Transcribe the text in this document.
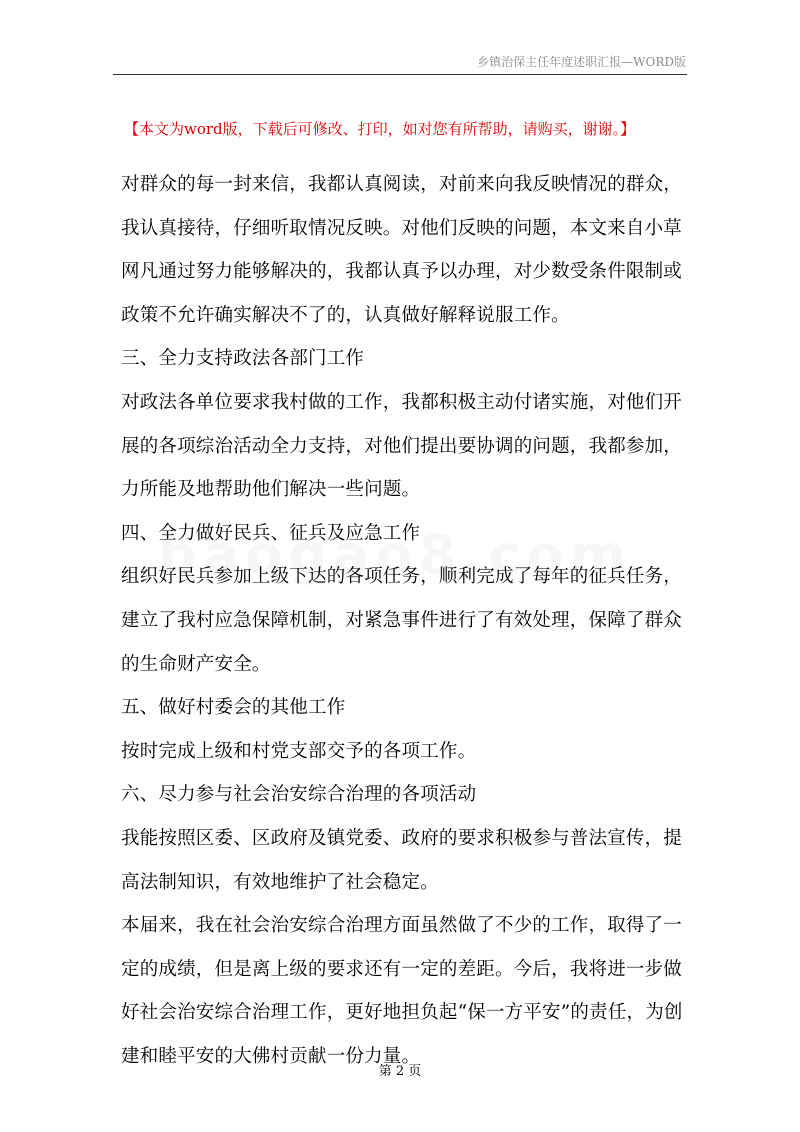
乡镇治保主任年度述职汇报—WORD版
【本文为word版，下载后可修改、打印，如对您有所帮助，请购买，谢谢。】
对群众的每一封来信，我都认真阅读，对前来向我反映情况的群众，
我认真接待，仔细听取情况反映。对他们反映的问题，本文来自小草
网凡通过努力能够解决的，我都认真予以办理，对少数受条件限制或
政策不允许确实解决不了的，认真做好解释说服工作。
三、全力支持政法各部门工作
对政法各单位要求我村做的工作，我都积极主动付诸实施，对他们开
展的各项综治活动全力支持，对他们提出要协调的问题，我都参加，
力所能及地帮助他们解决一些问题。
四、全力做好民兵、征兵及应急工作
组织好民兵参加上级下达的各项任务，顺利完成了每年的征兵任务，
建立了我村应急保障机制，对紧急事件进行了有效处理，保障了群众
的生命财产安全。
五、做好村委会的其他工作
按时完成上级和村党支部交予的各项工作。
六、尽力参与社会治安综合治理的各项活动
我能按照区委、区政府及镇党委、政府的要求积极参与普法宣传，提
高法制知识，有效地维护了社会稳定。
本届来，我在社会治安综合治理方面虽然做了不少的工作，取得了一
定的成绩，但是离上级的要求还有一定的差距。今后，我将进一步做
好社会治安综合治理工作，更好地担负起“保一方平安”的责任，为创
建和睦平安的大佛村贡献一份力量。
第 2 页
